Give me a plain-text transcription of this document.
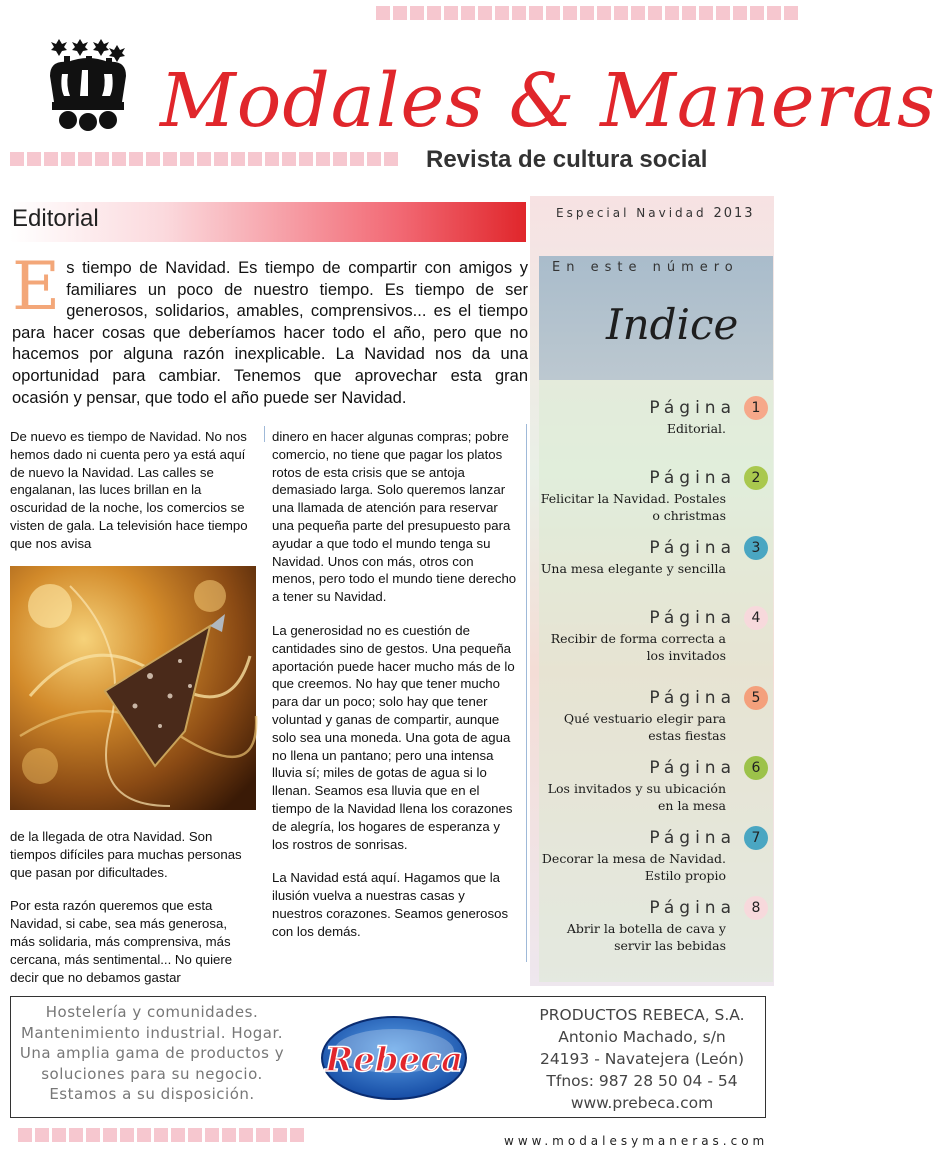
Modales & Maneras
Revista de cultura social
Editorial
Es tiempo de Navidad. Es tiempo de compartir con amigos y familiares un poco de nuestro tiempo. Es tiempo de ser generosos, solidarios, amables, comprensivos... es el tiempo para hacer cosas que deberíamos hacer todo el año, pero que no hacemos por alguna razón inexplicable. La Navidad nos da una oportunidad para cambiar. Tenemos que aprovechar esta gran ocasión y pensar, que todo el año puede ser Navidad.

De nuevo es tiempo de Navidad. No nos hemos dado ni cuenta pero ya está aquí de nuevo la Navidad. Las calles se engalanan, las luces brillan en la oscuridad de la noche, los comercios se visten de gala. La televisión hace tiempo que nos avisa

de la llegada de otra Navidad. Son tiempos difíciles para muchas personas que pasan por dificultades.

Por esta razón queremos que esta Navidad, si cabe, sea más generosa, más solidaria, más comprensiva, más cercana, más sentimental... No quiere decir que no debamos gastar

dinero en hacer algunas compras; pobre comercio, no tiene que pagar los platos rotos de esta crisis que se antoja demasiado larga. Solo queremos lanzar una llamada de atención para reservar una pequeña parte del presupuesto para ayudar a que todo el mundo tenga su Navidad. Unos con más, otros con menos, pero todo el mundo tiene derecho a tener su Navidad.

La generosidad no es cuestión de cantidades sino de gestos. Una pequeña aportación puede hacer mucho más de lo que creemos. No hay que tener mucho para dar un poco; solo hay que tener voluntad y ganas de compartir, aunque solo sea una moneda. Una gota de agua no llena un pantano; pero una intensa lluvia sí; miles de gotas de agua si lo llenan. Seamos esa lluvia que en el tiempo de la Navidad llena los corazones de alegría, los hogares de esperanza y los rostros de sonrisas.

La Navidad está aquí. Hagamos que la ilusión vuelva a nuestras casas y nuestros corazones. Seamos generosos con los demás.

Especial Navidad 2013
En este número
Indice
Página	1
Editorial.
Página	2
Felicitar la Navidad. Postales o christmas
Página	3
Una mesa elegante y sencilla
Página	4
Recibir de forma correcta a los invitados
Página	5
Qué vestuario elegir para estas fiestas
Página	6
Los invitados y su ubicación en la mesa
Página	7
Decorar la mesa de Navidad. Estilo propio
Página	8
Abrir la botella de cava y servir las bebidas
Hostelería y comunidades.
Mantenimiento industrial. Hogar.
Una amplia gama de productos y
soluciones para su negocio.
Estamos a su disposición.
Rebeca
PRODUCTOS REBECA, S.A.
Antonio Machado, s/n
24193 - Navatejera (León)
Tfnos: 987 28 50 04 - 54
www.prebeca.com
www.modalesymaneras.com
